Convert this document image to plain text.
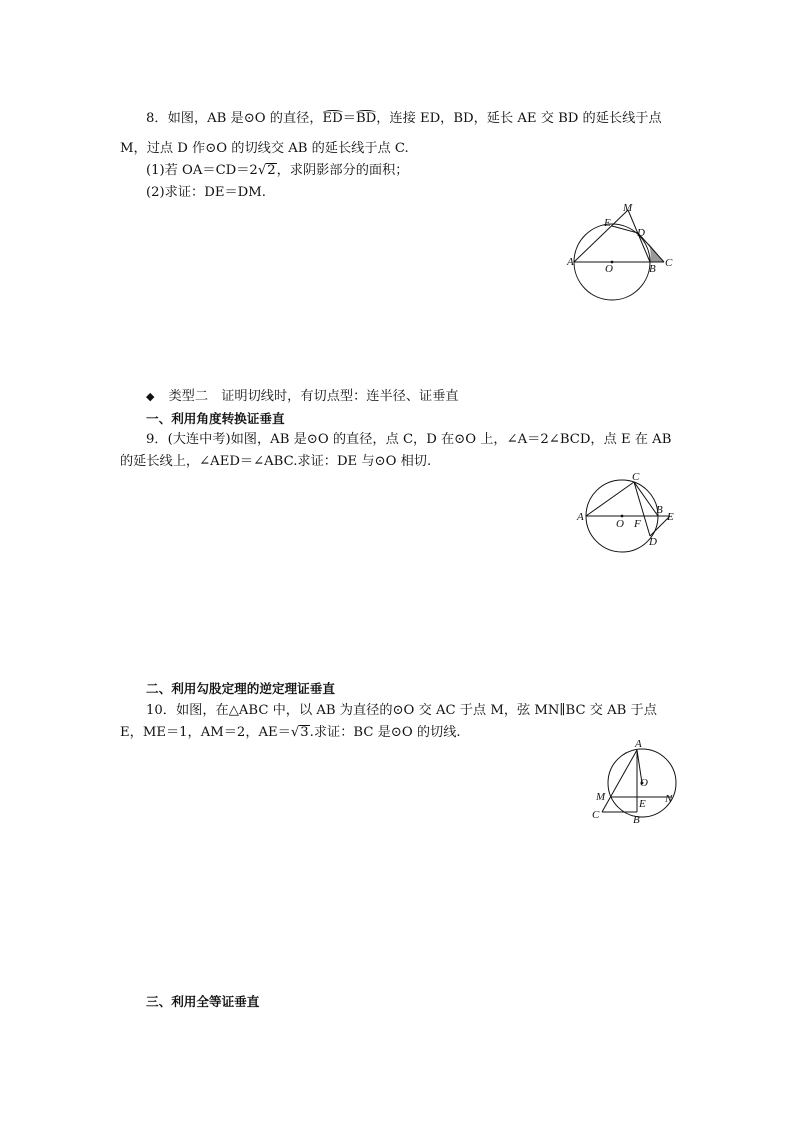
8．如图，AB 是⊙O 的直径，ED＝BD，连接 ED，BD，延长 AE 交 BD 的延长线于点
M，过点 D 作⊙O 的切线交 AB 的延长线于点 C.
(1)若 OA＝CD＝2√2，求阴影部分的面积；
(2)求证：DE＝DM.
M
E
D
A
O	B C
◆ 类型二　证明切线时，有切点型：连半径、证垂直
一、利用角度转换证垂直
9．(大连中考)如图，AB 是⊙O 的直径，点 C，D 在⊙O 上，∠A＝2∠BCD，点 E 在 AB
的延长线上，∠AED＝∠ABC.求证：DE 与⊙O 相切.
C
A
O F
B
E
D
二、利用勾股定理的逆定理证垂直
10．如图，在△ABC 中，以 AB 为直径的⊙O 交 AC 于点 M，弦 MN∥BC 交 AB 于点
E，ME＝1，AM＝2，AE＝√3.求证：BC 是⊙O 的切线.
A
O
M
E N
C	B
三、利用全等证垂直
